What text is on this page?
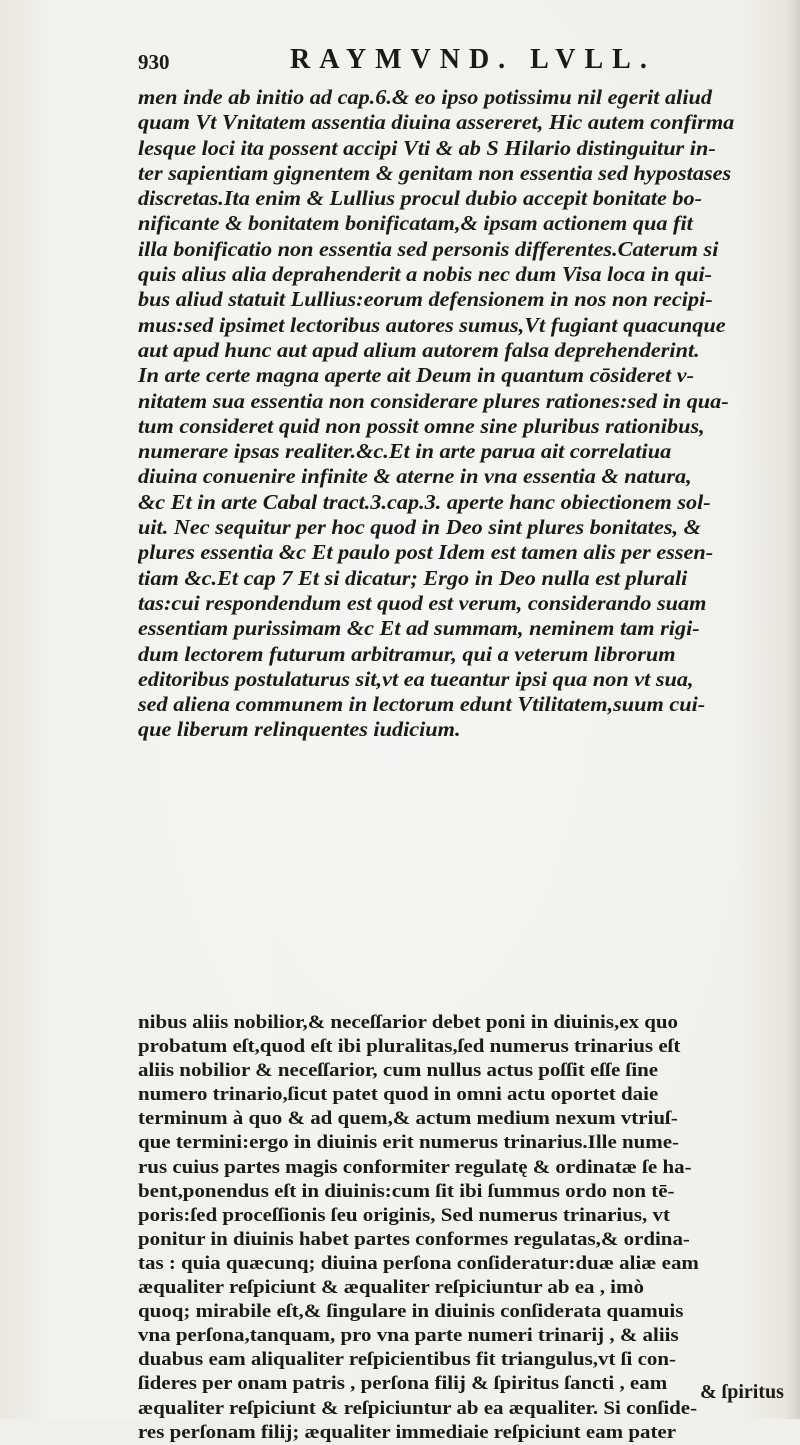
930	RAYMVND. LVLL.
men inde ab initio ad cap.6.& eo ipso potissimu nil egerit aliud
quam Vt Vnitatem assentia diuina assereret, Hic autem confirma
lesque loci ita possent accipi Vti & ab S Hilario distinguitur in-
ter sapientiam gignentem & genitam non essentia sed hypostases
discretas.Ita enim & Lullius procul dubio accepit bonitate bo-
nificante & bonitatem bonificatam,& ipsam actionem qua fit
illa bonificatio non essentia sed personis differentes.Caterum si
quis alius alia deprahenderit a nobis nec dum Visa loca in qui-
bus aliud statuit Lullius:eorum defensionem in nos non recipi-
mus:sed ipsimet lectoribus autores sumus,Vt fugiant quacunque
aut apud hunc aut apud alium autorem falsa deprehenderint.
In arte certe magna aperte ait Deum in quantum cōsideret v-
nitatem sua essentia non considerare plures rationes:sed in qua-
tum consideret quid non possit omne sine pluribus rationibus,
numerare ipsas realiter.&c.Et in arte parua ait correlatiua
diuina conuenire infinite & aterne in vna essentia & natura,
&c Et in arte Cabal tract.3.cap.3. aperte hanc obiectionem sol-
uit. Nec sequitur per hoc quod in Deo sint plures bonitates, &
plures essentia &c Et paulo post Idem est tamen alis per essen-
tiam &c.Et cap 7 Et si dicatur; Ergo in Deo nulla est plurali
tas:cui respondendum est quod est verum, considerando suam
essentiam purissimam &c Et ad summam, neminem tam rigi-
dum lectorem futurum arbitramur, qui a veterum librorum
editoribus postulaturus sit,vt ea tueantur ipsi qua non vt sua,
sed aliena communem in lectorum edunt Vtilitatem,suum cui-
que liberum relinquentes iudicium.
nibus aliis nobilior,& neceſſarior debet poni in diuinis,ex quo
probatum eſt,quod eſt ibi pluralitas,ſed numerus trinarius eſt
aliis nobilior & neceſſarior, cum nullus actus poſſit eſſe ſine
numero trinario,ſicut patet quod in omni actu oportet daie
terminum à quo & ad quem,& actum medium nexum vtriuſ-
que termini:ergo in diuinis erit numerus trinarius.Ille nume-
rus cuius partes magis conformiter regulatę & ordinatæ ſe ha-
bent,ponendus eſt in diuinis:cum ſit ibi ſummus ordo non tē-
poris:ſed proceſſionis ſeu originis, Sed numerus trinarius, vt
ponitur in diuinis habet partes conformes regulatas,& ordina-
tas : quia quæcunq; diuina perſona conſideratur:duæ aliæ eam
æqualiter reſpiciunt & æqualiter reſpiciuntur ab ea , imò
quoq; mirabile eſt,& ſingulare in diuinis conſiderata quamuis
vna perſona,tanquam, pro vna parte numeri trinarij , & aliis
duabus eam aliqualiter reſpicientibus fit triangulus,vt ſi con-
ſideres per onam patris , perſona filij & ſpiritus ſancti , eam
æqualiter reſpiciunt & reſpiciuntur ab ea æqualiter. Si conſide-
res perſonam filij; æqualiter immediaie reſpiciunt eam pater
& ſpiritus
